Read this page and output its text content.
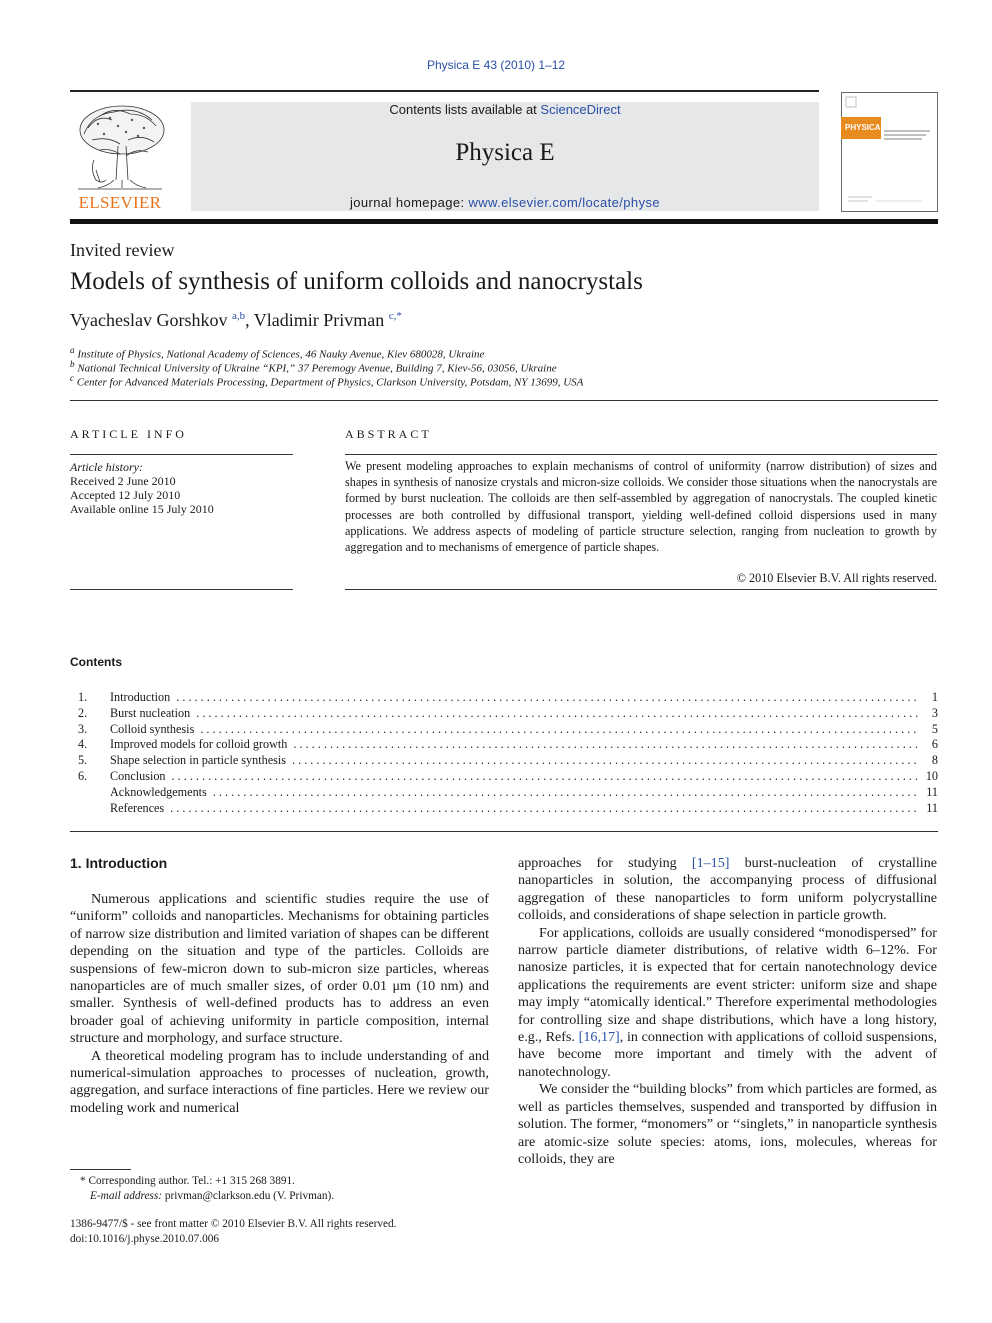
Physica E 43 (2010) 1–12
Contents lists available at ScienceDirect
Physica E
journal homepage: www.elsevier.com/locate/physe
ELSEVIER
PHYSICA
Invited review
Models of synthesis of uniform colloids and nanocrystals
Vyacheslav Gorshkov $^{a,b}$, Vladimir Privman $^{c,*}$
$^a$ Institute of Physics, National Academy of Sciences, 46 Nauky Avenue, Kiev 680028, Ukraine
$^b$ National Technical University of Ukraine “KPI,” 37 Peremogy Avenue, Building 7, Kiev-56, 03056, Ukraine
$^c$ Center for Advanced Materials Processing, Department of Physics, Clarkson University, Potsdam, NY 13699, USA
ARTICLE INFO
Article history:
Received 2 June 2010
Accepted 12 July 2010
Available online 15 July 2010
ABSTRACT
We present modeling approaches to explain mechanisms of control of uniformity (narrow distribution) of sizes and shapes in synthesis of nanosize crystals and micron-size colloids. We consider those situations when the nanocrystals are formed by burst nucleation. The colloids are then self-assembled by aggregation of nanocrystals. The coupled kinetic processes are both controlled by diffusional transport, yielding well-defined colloid dispersions used in many applications. We address aspects of modeling of particle structure selection, ranging from nucleation to growth by aggregation and to mechanisms of emergence of particle shapes.
© 2010 Elsevier B.V. All rights reserved.
Contents
1.	Introduction . . .	1
2.	Burst nucleation . . .	3
3.	Colloid synthesis . . .	5
4.	Improved models for colloid growth . . .	6
5.	Shape selection in particle synthesis . . .	8
6.	Conclusion . . .	10
Acknowledgements . . .	11
References . . .	11
1. Introduction

Numerous applications and scientific studies require the use of “uniform” colloids and nanoparticles. Mechanisms for obtaining particles of narrow size distribution and limited variation of shapes can be different depending on the situation and type of the particles. Colloids are suspensions of few-micron down to sub-micron size particles, whereas nanoparticles are of much smaller sizes, of order 0.01 μm (10 nm) and smaller. Synthesis of well-defined products has to address an even broader goal of achieving uniformity in particle composition, internal structure and morphology, and surface structure.

A theoretical modeling program has to include understanding of and numerical-simulation approaches to processes of nucleation, growth, aggregation, and surface interactions of fine particles. Here we review our modeling work and numerical

approaches for studying [1–15] burst-nucleation of crystalline nanoparticles in solution, the accompanying process of diffusional aggregation of these nanoparticles to form uniform polycrystalline colloids, and considerations of shape selection in particle growth.

For applications, colloids are usually considered “monodispersed” for narrow particle diameter distributions, of relative width 6–12%. For nanosize particles, it is expected that for certain nanotechnology device applications the requirements are event stricter: uniform size and shape may imply “atomically identical.” Therefore experimental methodologies for controlling size and shape distributions, which have a long history, e.g., Refs. [16,17], in connection with applications of colloid suspensions, have become more important and timely with the advent of nanotechnology.

We consider the “building blocks” from which particles are formed, as well as particles themselves, suspended and transported by diffusion in solution. The former, “monomers” or ‘‘singlets,” in nanoparticle synthesis are atomic-size solute species: atoms, ions, molecules, whereas for colloids, they are

* Corresponding author. Tel.: +1 315 268 3891.
E-mail address: privman@clarkson.edu (V. Privman).
1386-9477/$ - see front matter © 2010 Elsevier B.V. All rights reserved.
doi:10.1016/j.physe.2010.07.006
